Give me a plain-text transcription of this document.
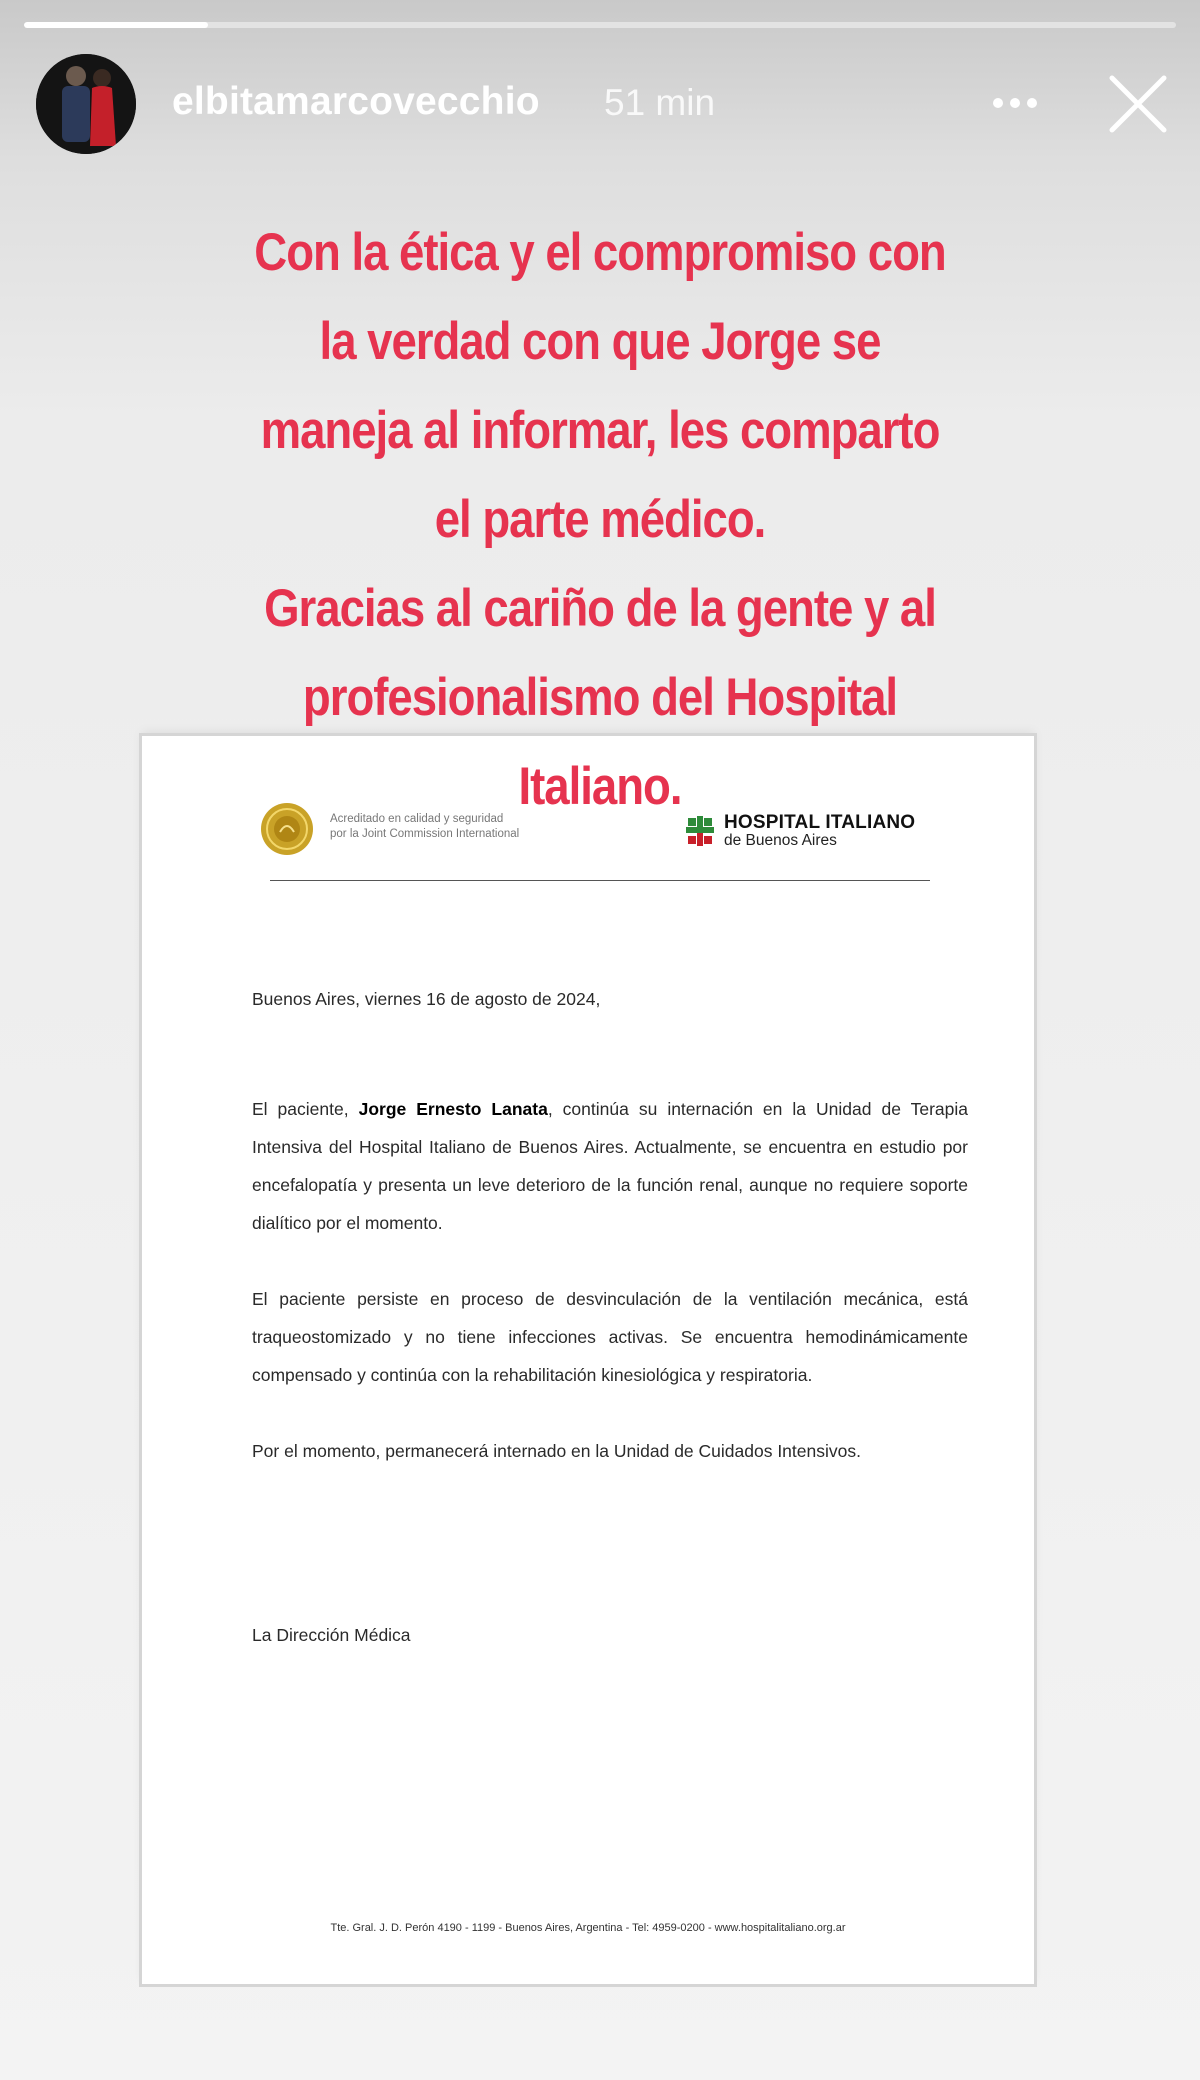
elbitamarcovecchio 51 min
Con la ética y el compromiso con
la verdad con que Jorge se
maneja al informar, les comparto
el parte médico.
Gracias al cariño de la gente y al
profesionalismo del Hospital
Italiano.
Acreditado en calidad y seguridad
por la Joint Commission International
HOSPITAL ITALIANO
de Buenos Aires
Buenos Aires, viernes 16 de agosto de 2024,
El paciente, Jorge Ernesto Lanata, continúa su internación en la Unidad de Terapia Intensiva del Hospital Italiano de Buenos Aires. Actualmente, se encuentra en estudio por encefalopatía y presenta un leve deterioro de la función renal, aunque no requiere soporte dialítico por el momento.
El paciente persiste en proceso de desvinculación de la ventilación mecánica, está traqueostomizado y no tiene infecciones activas. Se encuentra hemodinámicamente compensado y continúa con la rehabilitación kinesiológica y respiratoria.
Por el momento, permanecerá internado en la Unidad de Cuidados Intensivos.
La Dirección Médica
Tte. Gral. J. D. Perón 4190 - 1199 - Buenos Aires, Argentina - Tel: 4959-0200 - www.hospitalitaliano.org.ar
